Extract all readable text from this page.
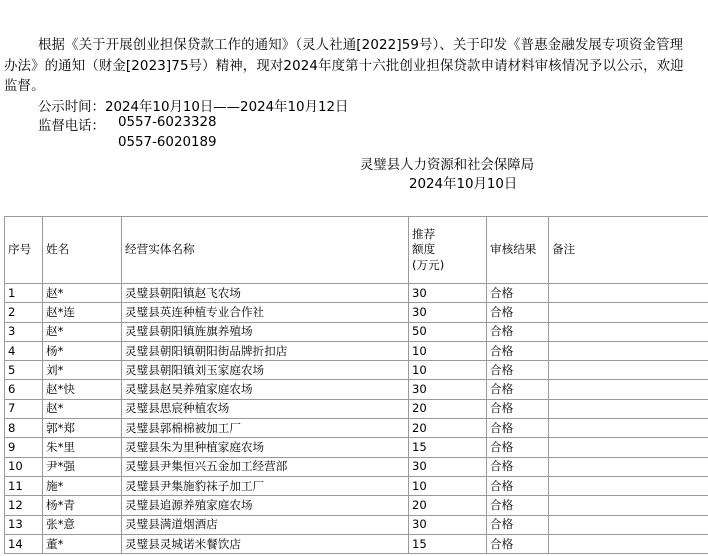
根据《关于开展创业担保贷款工作的通知》（灵人社通[2022]59号）、关于印发《普惠金融发展专项资金管理办法》的通知（财金[2023]75号）精神，现对2024年度第十六批创业担保贷款申请材料审核情况予以公示，欢迎监督。
公示时间：2024年10月10日——2024年10月12日
监督电话： 0557-6023328
0557-6020189
灵璧县人力资源和社会保障局
2024年10月10日
序号	姓名	经营实体名称	推荐
额度
(万元)	审核结果	备注
1	赵*	灵璧县朝阳镇赵飞农场	30	合格	
2	赵*连	灵璧县英连种植专业合作社	30	合格	
3	赵*	灵璧县朝阳镇旌旗养殖场	50	合格	
4	杨*	灵璧县朝阳镇朝阳街品牌折扣店	10	合格	
5	刘*	灵璧县朝阳镇刘玉家庭农场	10	合格	
6	赵*快	灵璧县赵昊养殖家庭农场	30	合格	
7	赵*	灵璧县思宸种植农场	20	合格	
8	郭*郑	灵璧县郭棉棉被加工厂	20	合格	
9	朱*里	灵璧县朱为里种植家庭农场	15	合格	
10	尹*强	灵璧县尹集恒兴五金加工经营部	30	合格	
11	施*	灵璧县尹集施豹袜子加工厂	10	合格	
12	杨*青	灵璧县追源养殖家庭农场	20	合格	
13	张*意	灵璧县满道烟酒店	30	合格	
14	董*	灵璧县灵城诺米餐饮店	15	合格	
